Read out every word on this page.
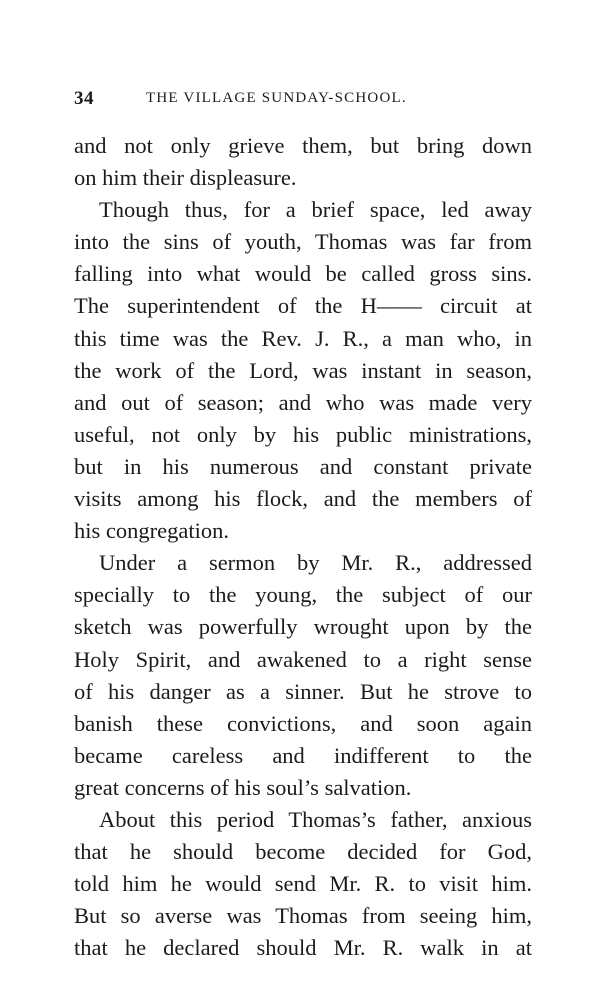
34	THE VILLAGE SUNDAY-SCHOOL.
and not only grieve them, but bring down
on him their displeasure.
Though thus, for a brief space, led away
into the sins of youth, Thomas was far from
falling into what would be called gross sins.
The superintendent of the H—— circuit at
this time was the Rev. J. R., a man who, in
the work of the Lord, was instant in season,
and out of season; and who was made very
useful, not only by his public ministrations,
but in his numerous and constant private
visits among his flock, and the members of
his congregation.
Under a sermon by Mr. R., addressed
specially to the young, the subject of our
sketch was powerfully wrought upon by the
Holy Spirit, and awakened to a right sense
of his danger as a sinner. But he strove to
banish these convictions, and soon again
became careless and indifferent to the
great concerns of his soul’s salvation.
About this period Thomas’s father, anxious
that he should become decided for God,
told him he would send Mr. R. to visit him.
But so averse was Thomas from seeing him,
that he declared should Mr. R. walk in at
